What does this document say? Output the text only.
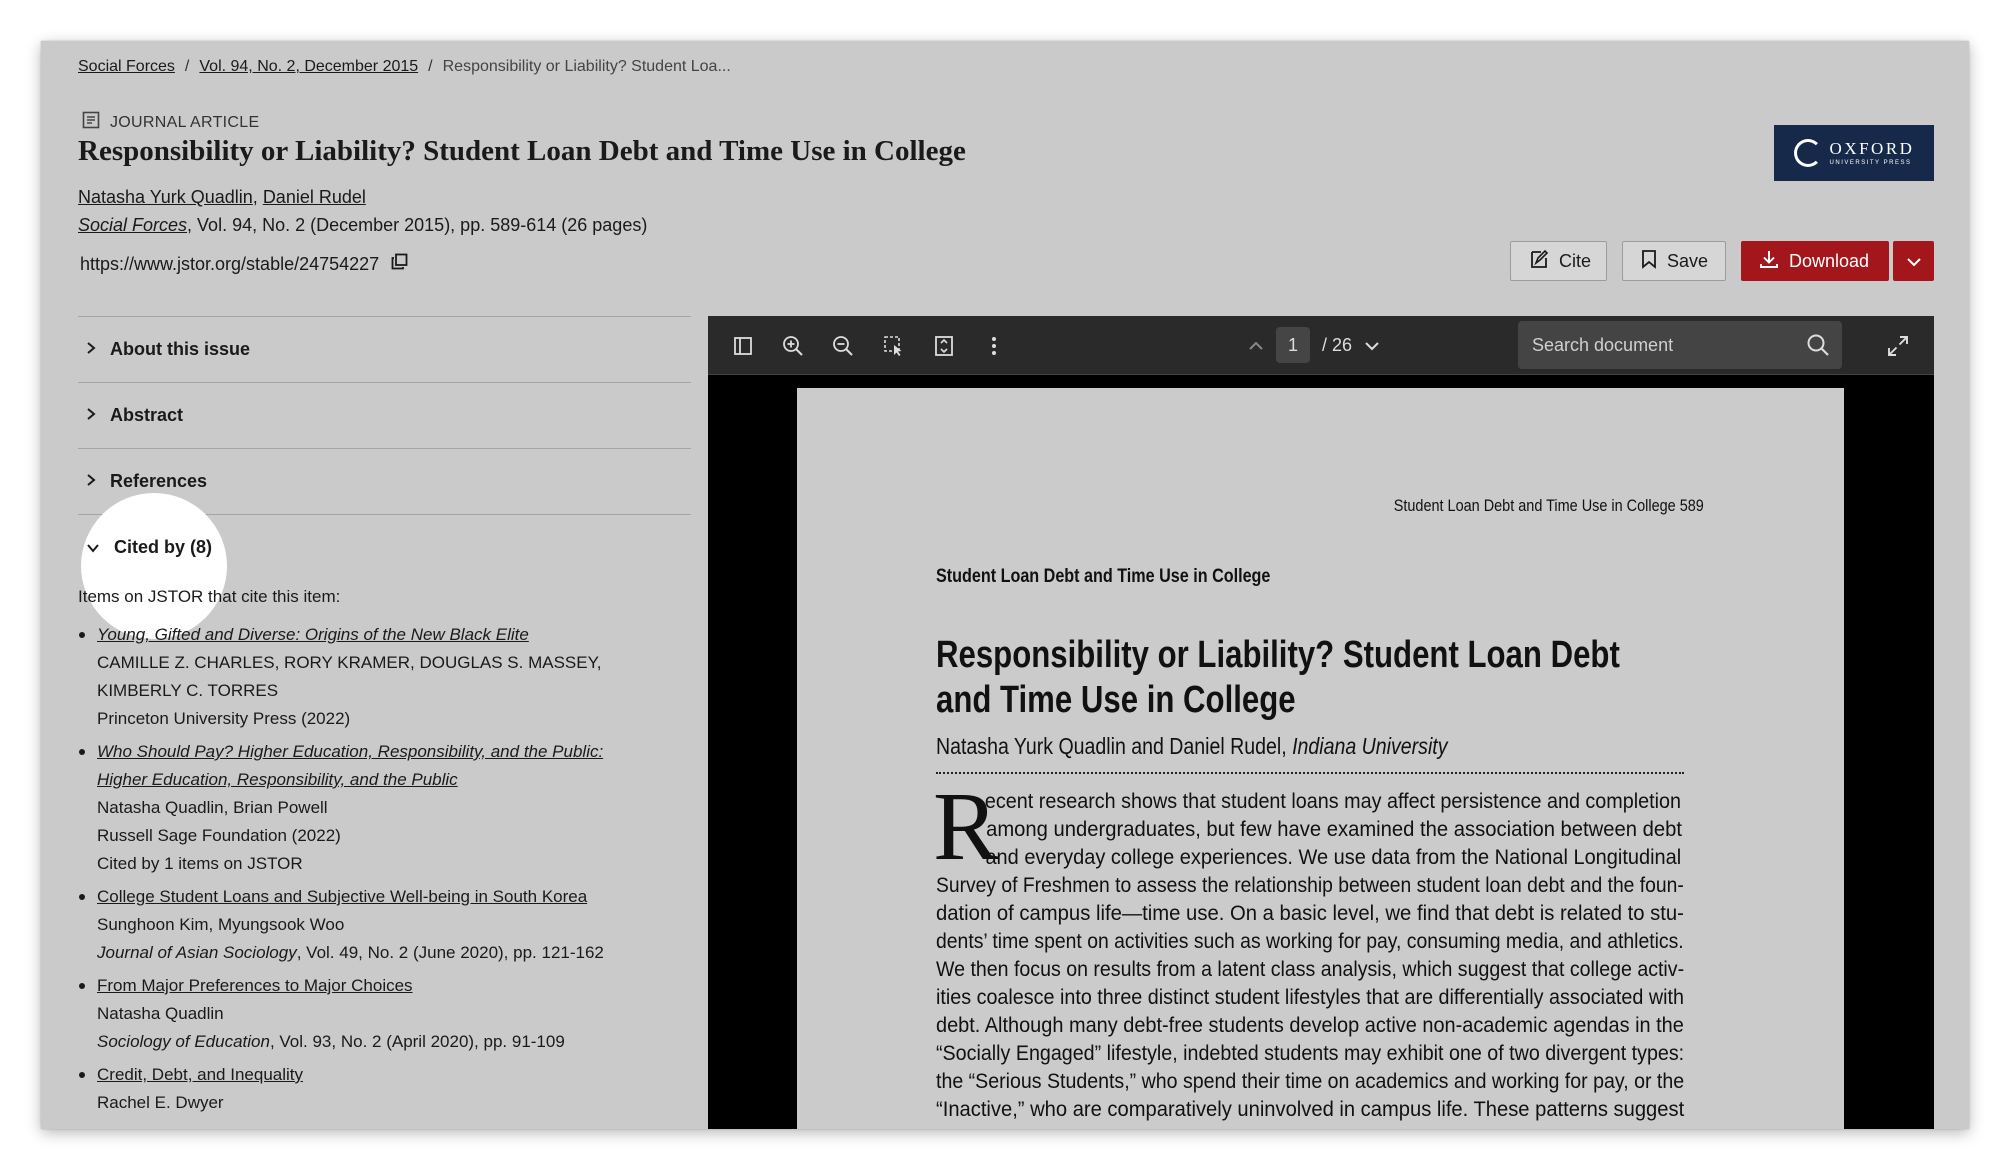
Social Forces / Vol. 94, No. 2, December 2015 / Responsibility or Liability? Student Loa...
JOURNAL ARTICLE
Responsibility or Liability? Student Loan Debt and Time Use in College
Natasha Yurk Quadlin, Daniel Rudel
Social Forces, Vol. 94, No. 2 (December 2015), pp. 589-614 (26 pages)
https://www.jstor.org/stable/24754227
OXFORD
UNIVERSITY PRESS
Cite	Save	Download
About this issue
Abstract
References
Cited by (8)
Items on JSTOR that cite this item:
Young, Gifted and Diverse: Origins of the New Black Elite
CAMILLE Z. CHARLES, RORY KRAMER, DOUGLAS S. MASSEY,
KIMBERLY C. TORRES
Princeton University Press (2022)
Who Should Pay? Higher Education, Responsibility, and the Public:
Higher Education, Responsibility, and the Public
Natasha Quadlin, Brian Powell
Russell Sage Foundation (2022)
Cited by 1 items on JSTOR
College Student Loans and Subjective Well-being in South Korea
Sunghoon Kim, Myungsook Woo
Journal of Asian Sociology, Vol. 49, No. 2 (June 2020), pp. 121-162
From Major Preferences to Major Choices
Natasha Quadlin
Sociology of Education, Vol. 93, No. 2 (April 2020), pp. 91-109
Credit, Debt, and Inequality
Rachel E. Dwyer
1	/ 26	Search document
Student Loan Debt and Time Use in College 589
Student Loan Debt and Time Use in College
Responsibility or Liability? Student Loan Debt
and Time Use in College
Natasha Yurk Quadlin and Daniel Rudel, Indiana University
R
ecent research shows that student loans may affect persistence and completion
among undergraduates, but few have examined the association between debt
and everyday college experiences. We use data from the National Longitudinal
Survey of Freshmen to assess the relationship between student loan debt and the foun-
dation of campus life—time use. On a basic level, we find that debt is related to stu-
dents’ time spent on activities such as working for pay, consuming media, and athletics.
We then focus on results from a latent class analysis, which suggest that college activ-
ities coalesce into three distinct student lifestyles that are differentially associated with
debt. Although many debt-free students develop active non-academic agendas in the
“Socially Engaged” lifestyle, indebted students may exhibit one of two divergent types:
the “Serious Students,” who spend their time on academics and working for pay, or the
“Inactive,” who are comparatively uninvolved in campus life. These patterns suggest
